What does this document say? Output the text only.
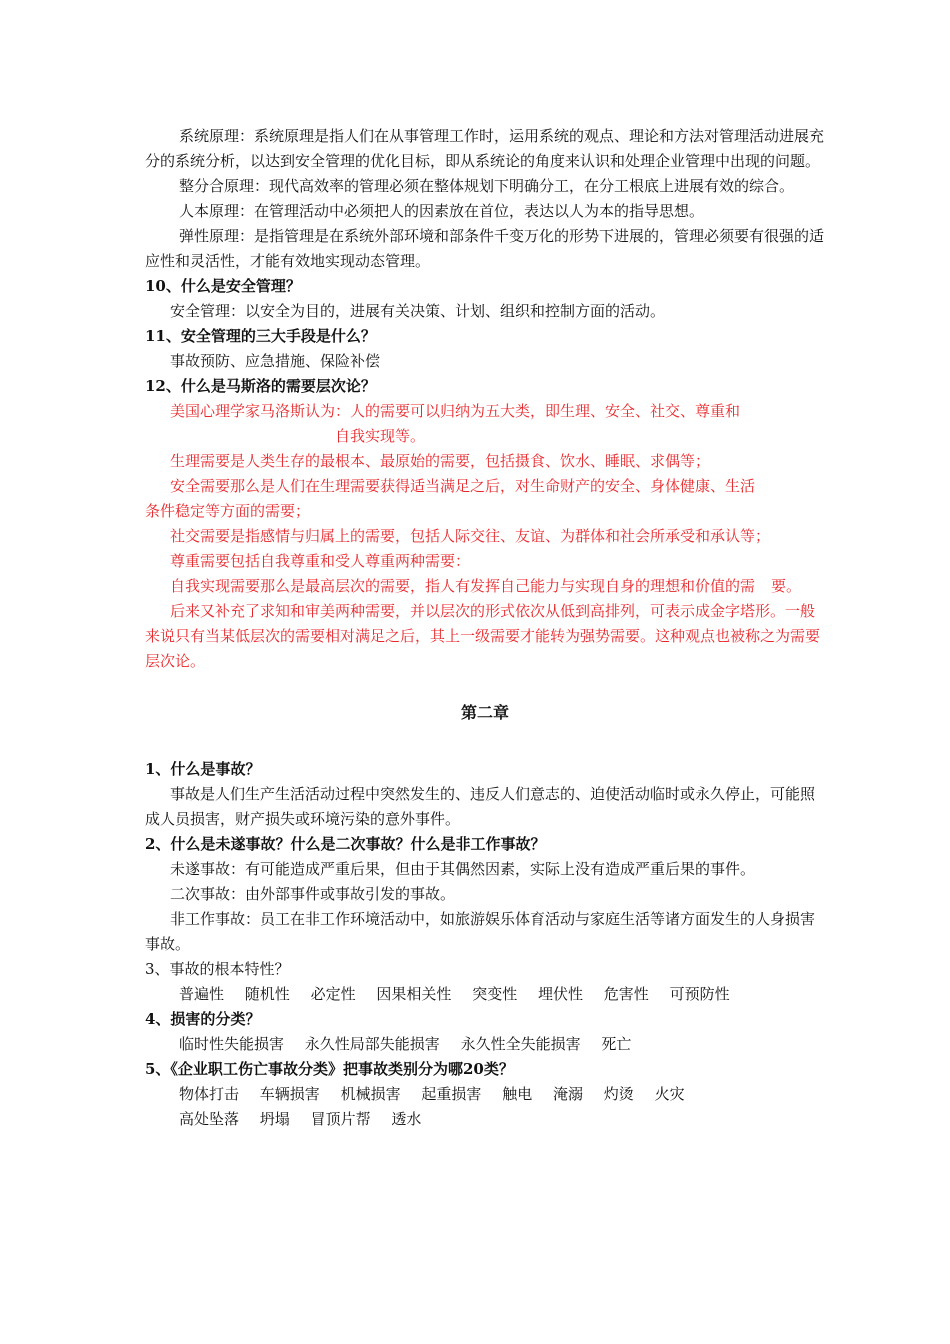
系统原理：系统原理是指人们在从事管理工作时，运用系统的观点、理论和方法对管理活动进展充分的系统分析，以达到安全管理的优化目标，即从系统论的角度来认识和处理企业管理中出现的问题。

整分合原理：现代高效率的管理必须在整体规划下明确分工，在分工根底上进展有效的综合。

人本原理：在管理活动中必须把人的因素放在首位，表达以人为本的指导思想。

弹性原理：是指管理是在系统外部环境和部条件千变万化的形势下进展的，管理必须要有很强的适应性和灵活性，才能有效地实现动态管理。

10、什么是安全管理？

安全管理：以安全为目的，进展有关决策、计划、组织和控制方面的活动。

11、安全管理的三大手段是什么？

事故预防、应急措施、保险补偿

12、什么是马斯洛的需要层次论？

美国心理学家马洛斯认为：人的需要可以归纳为五大类，即生理、安全、社交、尊重和自我实现等。

生理需要是人类生存的最根本、最原始的需要，包括摄食、饮水、睡眠、求偶等；

安全需要那么是人们在生理需要获得适当满足之后，对生命财产的安全、身体健康、生活条件稳定等方面的需要；

社交需要是指感情与归属上的需要，包括人际交往、友谊、为群体和社会所承受和承认等；

尊重需要包括自我尊重和受人尊重两种需要：

自我实现需要那么是最高层次的需要，指人有发挥自己能力与实现自身的理想和价值的需 要。

后来又补充了求知和审美两种需要，并以层次的形式依次从低到高排列，可表示成金字塔形。一般来说只有当某低层次的需要相对满足之后，其上一级需要才能转为强势需要。这种观点也被称之为需要层次论。

第二章

1、什么是事故？

事故是人们生产生活活动过程中突然发生的、违反人们意志的、迫使活动临时或永久停止，可能照成人员损害，财产损失或环境污染的意外事件。

2、什么是未遂事故？什么是二次事故？什么是非工作事故？

未遂事故：有可能造成严重后果，但由于其偶然因素，实际上没有造成严重后果的事件。

二次事故：由外部事件或事故引发的事故。

非工作事故：员工在非工作环境活动中，如旅游娱乐体育活动与家庭生活等诸方面发生的人身损害事故。

3、事故的根本特性？

普遍性 随机性 必定性 因果相关性 突变性 埋伏性 危害性 可预防性

4、损害的分类？

临时性失能损害 永久性局部失能损害 永久性全失能损害 死亡

5、《企业职工伤亡事故分类》把事故类别分为哪20类？

物体打击 车辆损害 机械损害 起重损害 触电 淹溺 灼烫 火灾

高处坠落 坍塌 冒顶片帮 透水
